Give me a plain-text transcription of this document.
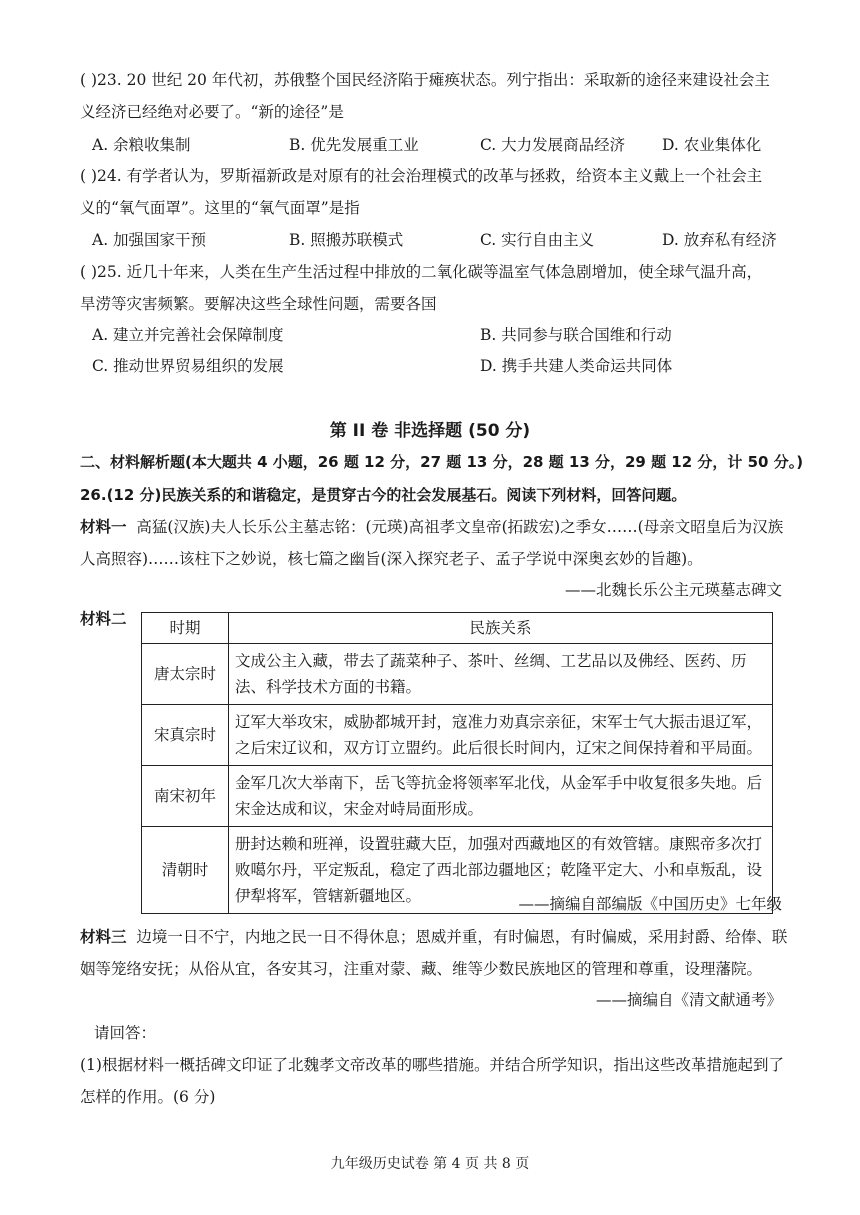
( )23. 20 世纪 20 年代初，苏俄整个国民经济陷于瘫痪状态。列宁指出：采取新的途径来建设社会主
义经济已经绝对必要了。“新的途径”是
A. 余粮收集制	B. 优先发展重工业	C. 大力发展商品经济 D. 农业集体化
( )24. 有学者认为，罗斯福新政是对原有的社会治理模式的改革与拯救，给资本主义戴上一个社会主
义的“氧气面罩”。这里的“氧气面罩”是指
A. 加强国家干预	B. 照搬苏联模式	C. 实行自由主义	D. 放弃私有经济
( )25. 近几十年来，人类在生产生活过程中排放的二氧化碳等温室气体急剧增加，使全球气温升高，
旱涝等灾害频繁。要解决这些全球性问题，需要各国
A. 建立并完善社会保障制度	B. 共同参与联合国维和行动
C. 推动世界贸易组织的发展	D. 携手共建人类命运共同体
第 II 卷 非选择题 (50 分)
二、材料解析题(本大题共 4 小题，26 题 12 分，27 题 13 分，28 题 13 分，29 题 12 分，计 50 分。)
26.(12 分)民族关系的和谐稳定，是贯穿古今的社会发展基石。阅读下列材料，回答问题。
材料一 高猛(汉族)夫人长乐公主墓志铭：(元瑛)高祖孝文皇帝(拓跋宏)之季女……(母亲文昭皇后为汉族
人高照容)……该柱下之妙说，核七篇之幽旨(深入探究老子、孟子学说中深奥玄妙的旨趣)。
——北魏长乐公主元瑛墓志碑文
材料二	时期	民族关系
唐太宗时	文成公主入藏，带去了蔬菜种子、茶叶、丝绸、工艺品以及佛经、医药、历法、科学技术方面的书籍。
宋真宗时	辽军大举攻宋，威胁都城开封，寇准力劝真宗亲征，宋军士气大振击退辽军，之后宋辽议和，双方订立盟约。此后很长时间内，辽宋之间保持着和平局面。
南宋初年	金军几次大举南下，岳飞等抗金将领率军北伐，从金军手中收复很多失地。后宋金达成和议，宋金对峙局面形成。
清朝时	册封达赖和班禅，设置驻藏大臣，加强对西藏地区的有效管辖。康熙帝多次打败噶尔丹，平定叛乱，稳定了西北部边疆地区；乾隆平定大、小和卓叛乱，设伊犁将军，管辖新疆地区。	——摘编自部编版《中国历史》七年级
材料三 边境一日不宁，内地之民一日不得休息；恩威并重，有时偏恩，有时偏威，采用封爵、给俸、联
姻等笼络安抚；从俗从宜，各安其习，注重对蒙、藏、维等少数民族地区的管理和尊重，设理藩院。
——摘编自《清文献通考》
请回答：
(1)根据材料一概括碑文印证了北魏孝文帝改革的哪些措施。并结合所学知识，指出这些改革措施起到了
怎样的作用。(6 分)
九年级历史试卷 第 4 页 共 8 页
